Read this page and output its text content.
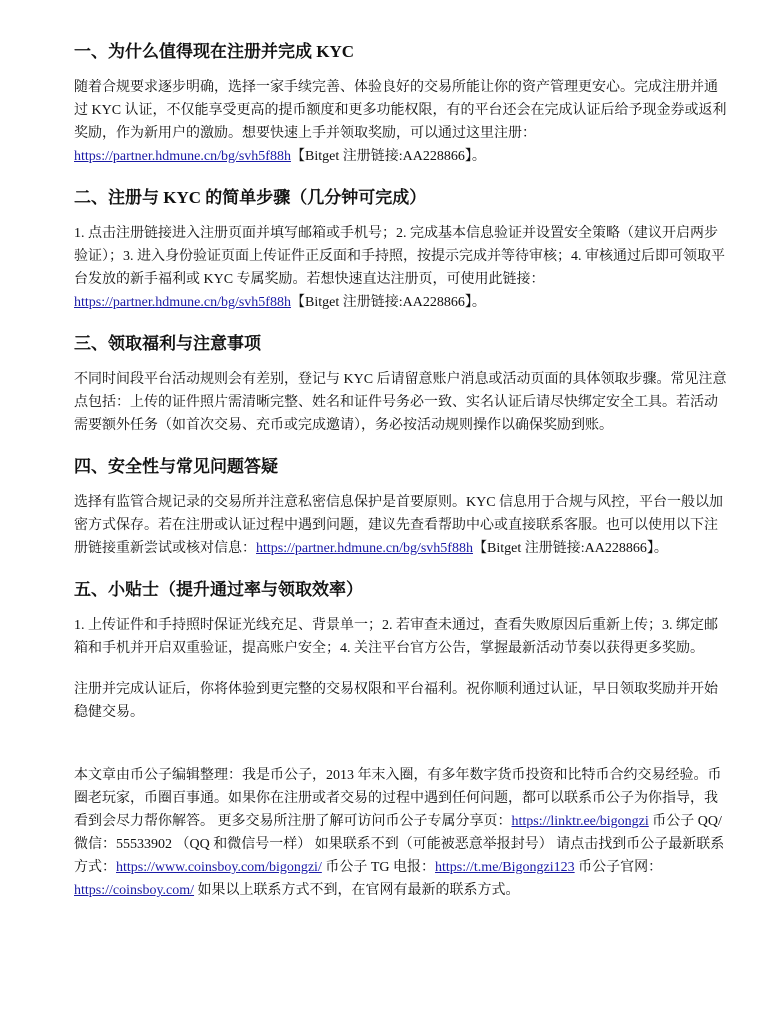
一、为什么值得现在注册并完成 KYC

随着合规要求逐步明确，选择一家手续完善、体验良好的交易所能让你的资产管理更安心。完成注册并通过 KYC 认证，不仅能享受更高的提币额度和更多功能权限，有的平台还会在完成认证后给予现金券或返利奖励，作为新用户的激励。想要快速上手并领取奖励，可以通过这里注册：
https://partner.hdmune.cn/bg/svh5f88h【Bitget 注册链接:AA228866】。

二、注册与 KYC 的简单步骤（几分钟可完成）

1. 点击注册链接进入注册页面并填写邮箱或手机号；2. 完成基本信息验证并设置安全策略（建议开启两步验证）；3. 进入身份验证页面上传证件正反面和手持照，按提示完成并等待审核；4. 审核通过后即可领取平台发放的新手福利或 KYC 专属奖励。若想快速直达注册页，可使用此链接：
https://partner.hdmune.cn/bg/svh5f88h【Bitget 注册链接:AA228866】。

三、领取福利与注意事项

不同时间段平台活动规则会有差别，登记与 KYC 后请留意账户消息或活动页面的具体领取步骤。常见注意点包括：上传的证件照片需清晰完整、姓名和证件号务必一致、实名认证后请尽快绑定安全工具。若活动需要额外任务（如首次交易、充币或完成邀请），务必按活动规则操作以确保奖励到账。

四、安全性与常见问题答疑

选择有监管合规记录的交易所并注意私密信息保护是首要原则。KYC 信息用于合规与风控，平台一般以加密方式保存。若在注册或认证过程中遇到问题，建议先查看帮助中心或直接联系客服。也可以使用以下注册链接重新尝试或核对信息：https://partner.hdmune.cn/bg/svh5f88h【Bitget 注册链接:AA228866】。

五、小贴士（提升通过率与领取效率）

1. 上传证件和手持照时保证光线充足、背景单一；2. 若审查未通过，查看失败原因后重新上传；3. 绑定邮箱和手机并开启双重验证，提高账户安全；4. 关注平台官方公告，掌握最新活动节奏以获得更多奖励。

注册并完成认证后，你将体验到更完整的交易权限和平台福利。祝你顺利通过认证，早日领取奖励并开始稳健交易。

本文章由币公子编辑整理：我是币公子，2013 年末入圈，有多年数字货币投资和比特币合约交易经验。币圈老玩家，币圈百事通。如果你在注册或者交易的过程中遇到任何问题，都可以联系币公子为你指导，我看到会尽力帮你解答。 更多交易所注册了解可访问币公子专属分享页：https://linktr.ee/bigongzi 币公子 QQ/微信：55533902 （QQ 和微信号一样） 如果联系不到（可能被恶意举报封号） 请点击找到币公子最新联系方式：https://www.coinsboy.com/bigongzi/ 币公子 TG 电报：https://t.me/Bigongzi123 币公子官网：https://coinsboy.com/ 如果以上联系方式不到，在官网有最新的联系方式。
